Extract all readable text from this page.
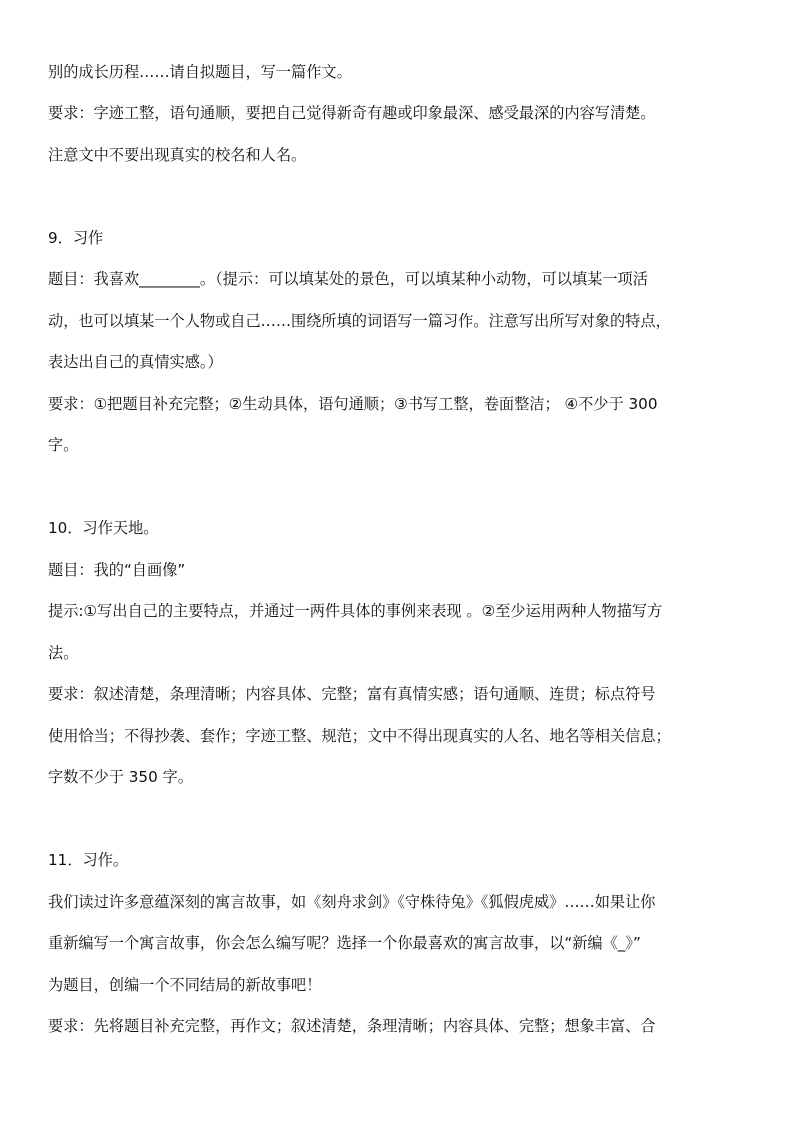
别的成长历程……请自拟题目，写一篇作文。
要求：字迹工整，语句通顺，要把自己觉得新奇有趣或印象最深、感受最深的内容写清楚。
注意文中不要出现真实的校名和人名。
9．习作
题目：我喜欢________。（提示：可以填某处的景色，可以填某种小动物，可以填某一项活
动，也可以填某一个人物或自己……围绕所填的词语写一篇习作。注意写出所写对象的特点，
表达出自己的真情实感。）
要求：①把题目补充完整；②生动具体，语句通顺；③书写工整，卷面整洁； ④不少于 300
字。
10．习作天地。
题目：我的“自画像”
提示:①写出自己的主要特点，并通过一两件具体的事例来表现 。②至少运用两种人物描写方
法。
要求：叙述清楚，条理清晰；内容具体、完整；富有真情实感；语句通顺、连贯；标点符号
使用恰当；不得抄袭、套作；字迹工整、规范；文中不得出现真实的人名、地名等相关信息；
字数不少于 350 字。
11．习作。
我们读过许多意蕴深刻的寓言故事，如《刻舟求剑》《守株待兔》《狐假虎威》……如果让你
重新编写一个寓言故事，你会怎么编写呢？选择一个你最喜欢的寓言故事，以“新编《_》”
为题目，创编一个不同结局的新故事吧！
要求：先将题目补充完整，再作文；叙述清楚，条理清晰；内容具体、完整；想象丰富、合
